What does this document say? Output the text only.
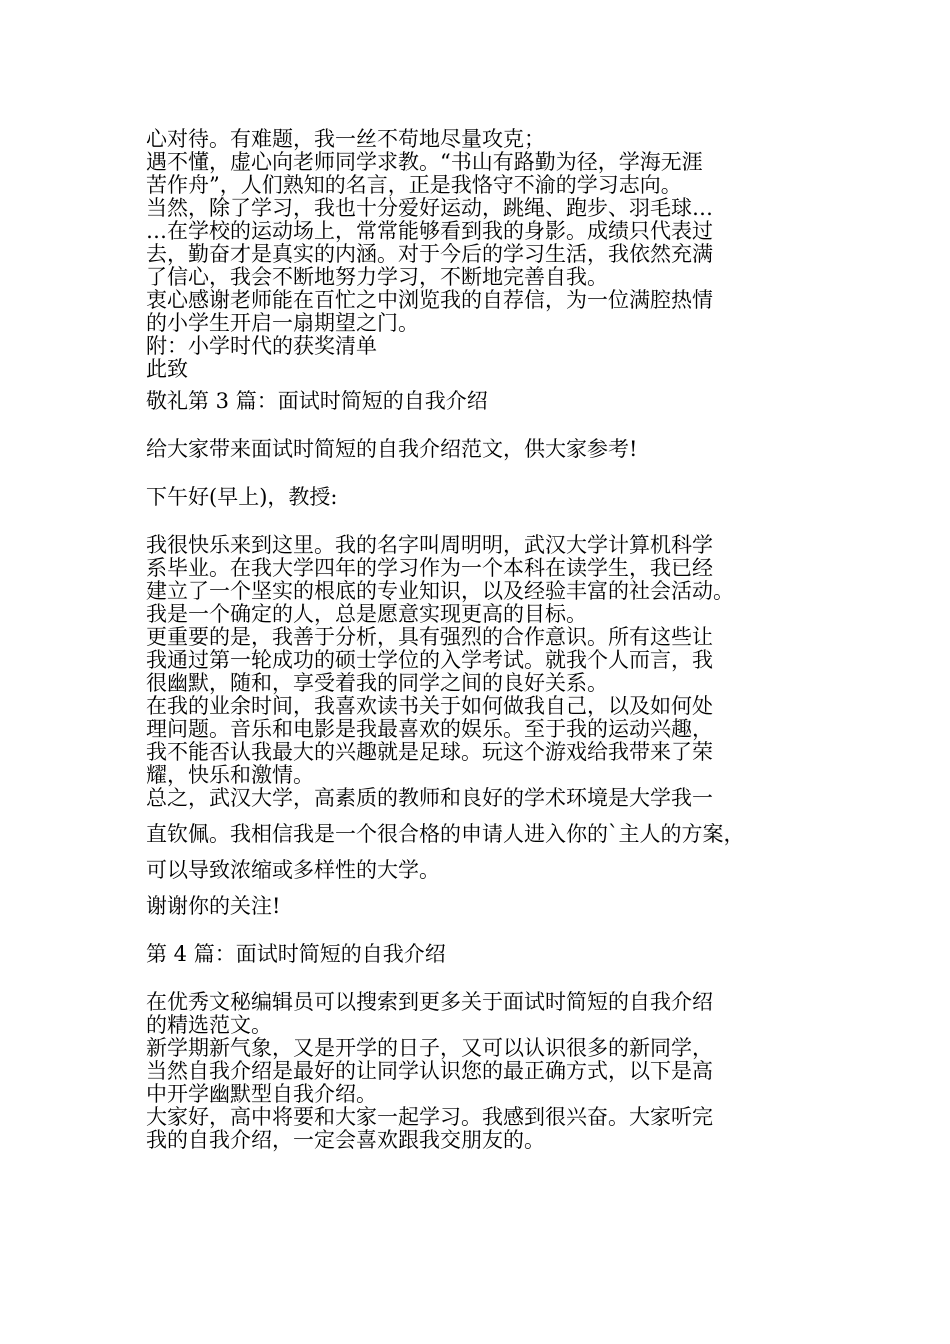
心对待。有难题，我一丝不苟地尽量攻克；

遇不懂，虚心向老师同学求教。“书山有路勤为径，学海无涯

苦作舟”，人们熟知的名言，正是我恪守不渝的学习志向。

当然，除了学习，我也十分爱好运动，跳绳、跑步、羽毛球…

…在学校的运动场上，常常能够看到我的身影。成绩只代表过

去，勤奋才是真实的内涵。对于今后的学习生活，我依然充满

了信心，我会不断地努力学习，不断地完善自我。

衷心感谢老师能在百忙之中浏览我的自荐信，为一位满腔热情

的小学生开启一扇期望之门。

附：小学时代的获奖清单

此致

敬礼第 3 篇：面试时简短的自我介绍

给大家带来面试时简短的自我介绍范文，供大家参考!

下午好(早上)，教授:

我很快乐来到这里。我的名字叫周明明，武汉大学计算机科学

系毕业。在我大学四年的学习作为一个本科在读学生，我已经

建立了一个坚实的根底的专业知识，以及经验丰富的社会活动。

我是一个确定的人，总是愿意实现更高的目标。

更重要的是，我善于分析，具有强烈的合作意识。所有这些让

我通过第一轮成功的硕士学位的入学考试。就我个人而言，我

很幽默，随和，享受着我的同学之间的良好关系。

在我的业余时间，我喜欢读书关于如何做我自己，以及如何处

理问题。音乐和电影是我最喜欢的娱乐。至于我的运动兴趣，

我不能否认我最大的兴趣就是足球。玩这个游戏给我带来了荣

耀，快乐和激情。

总之，武汉大学，高素质的教师和良好的学术环境是大学我一

直钦佩。我相信我是一个很合格的申请人进入你的`主人的方案，

可以导致浓缩或多样性的大学。

谢谢你的关注!

第 4 篇：面试时简短的自我介绍

在优秀文秘编辑员可以搜索到更多关于面试时简短的自我介绍

的精选范文。

新学期新气象，又是开学的日子，又可以认识很多的新同学，

当然自我介绍是最好的让同学认识您的最正确方式，以下是高

中开学幽默型自我介绍。

大家好，高中将要和大家一起学习。我感到很兴奋。大家听完

我的自我介绍，一定会喜欢跟我交朋友的。
